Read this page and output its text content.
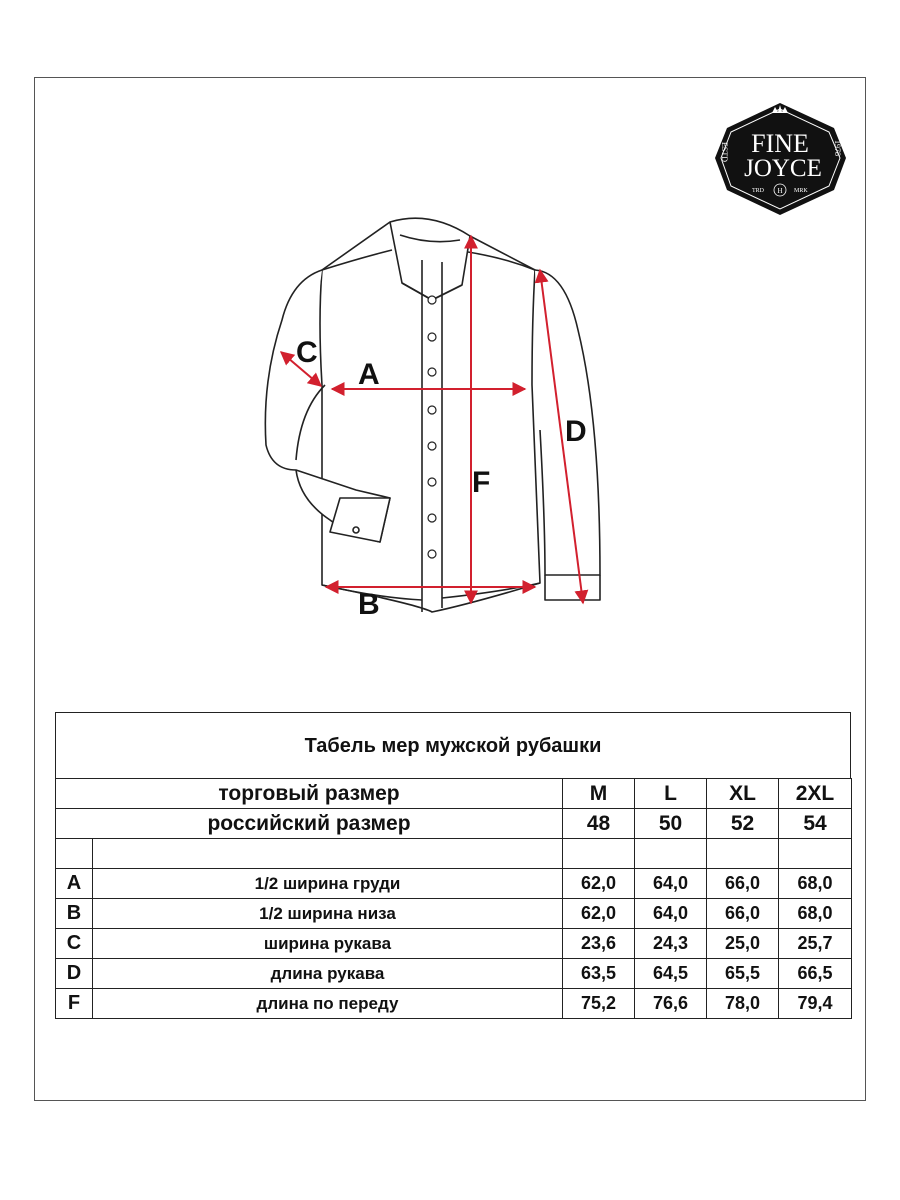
FINE
JOYCE
ESTD	1978
TRD H MRK
C
A
D
F
B
Табель мер мужской рубашки
торговый размер		M	L	XL	2XL
российский размер		48	50	52	54

A	1/2 ширина груди	62,0	64,0	66,0	68,0
B	1/2 ширина низа	62,0	64,0	66,0	68,0
C	ширина рукава	23,6	24,3	25,0	25,7
D	длина рукава	63,5	64,5	65,5	66,5
F	длина по переду	75,2	76,6	78,0	79,4
